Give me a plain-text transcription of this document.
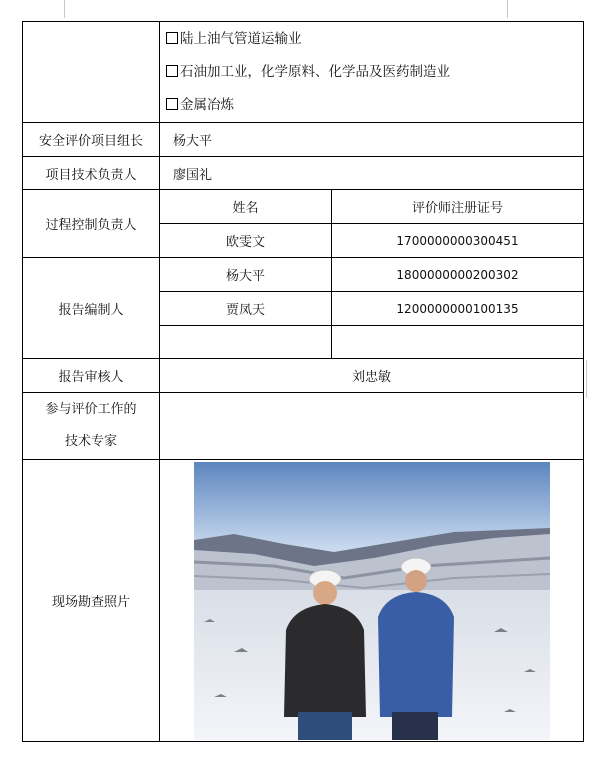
	陆上油气管道运输业
石油加工业，化学原料、化学品及医药制造业
金属冶炼	

安全评价项目组长	杨大平	
项目技术负责人	廖国礼	
过程控制负责人	姓名	评价师注册证号
	欧雯文	1700000000300451
报告编制人	杨大平	1800000000200302
	贾凤天	1200000000100135

报告审核人	刘忠敏	

参与评价工作的
技术专家		

现场勘查照片	
